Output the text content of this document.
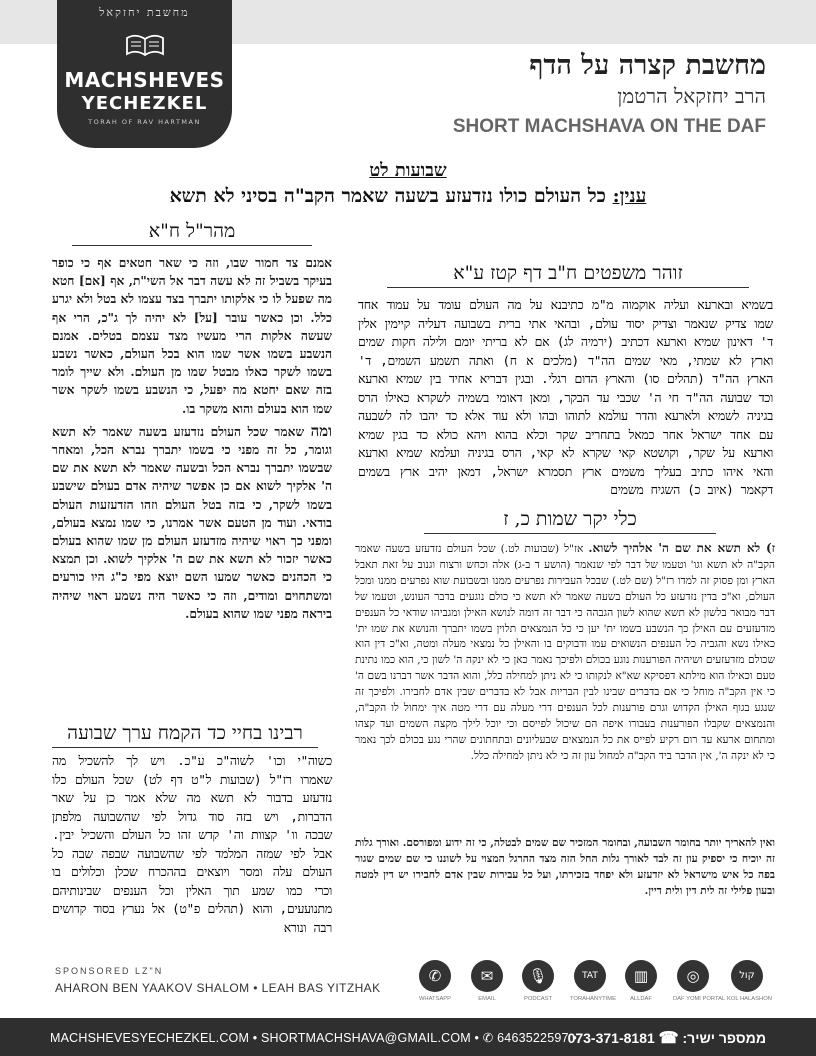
מחשבת יחזקאל
MACHSHEVES
YECHEZKEL
TORAH OF RAV HARTMAN
מחשבת קצרה על הדף
הרב יחזקאל הרטמן
SHORT MACHSHAVA ON THE DAF
שבועות לט
ענין: כל העולם כולו נזדעזע בשעה שאמר הקב"ה בסיני לא תשא
מהר"ל ח"א

אמנם צד חמור שבו, וזה כי שאר חטאים אף כי כופר בעיקר בשביל זה לא עשה דבר אל השי"ת, אף [אם] חטא מה שפעל לו כי אלקותו יתברך בצד עצמו לא בטל ולא יגרע כלל. וכן כאשר עובר [על] לא יהיה לך ג"כ, הרי אף שעשה אלקות הרי מעשיו מצד עצמם בטלים. אמנם הנשבע בשמו אשר שמו הוא בכל העולם, כאשר נשבע בשמו לשקר כאלו מבטל שמו מן העולם. ולא שייך לומר בזה שאם יחטא מה יפעל, כי הנשבע בשמו לשקר אשר שמו הוא בעולם והוא משקר בו.

ומה שאמר שכל העולם נזדעזע בשעה שאמר לא תשא וגומר, כל זה מפני כי בשמו יתברך נברא הכל, ומאחר שבשמו יתברך נברא הכל ובשעה שאמר לא תשא את שם ה' אלקיך לשוא אם כן אפשר שיהיה אדם בעולם שישבע בשמו לשקר, כי בזה בטל העולם וזהו הזדעזעות העולם בודאי. ועוד מן הטעם אשר אמרנו, כי שמו נמצא בעולם, ומפני כך ראוי שיהיה מזדעזע העולם מן שמו שהוא בעולם כאשר יזכור לא תשא את שם ה' אלקיך לשוא. וכן תמצא כי הכהנים כאשר שמעו השם יוצא מפי כ"ג היו כורעים ומשתחוים ומודים, וזה כי כאשר היה נשמע ראוי שיהיה ביראה מפני שמו שהוא בעולם.

רבינו בחיי כד הקמח ערך שבועה
כשוה"י וכו' לשוה"כ ע"כ. ויש לך להשכיל מה שאמרו רז"ל (שבועות ל"ט דף לט) שכל העולם כלו נזדעזע בדבור לא תשא מה שלא אמר כן על שאר הדברות, ויש בזה סוד גדול לפי שהשבועה מלפתן שבכה וו' קצוות וה' קדש זהו כל העולם והשכיל יבין. אבל לפי שמזה המלמד לפי שהשבועה שבפה שבה כל העולם עלה ומסר ויוצאים בההכרח שכלן וכלולים בו וכרי כמו שמע תוך האלין וכל הענפים שבינותיהם מתנועעים, והוא (תהלים פ"ט) אל נערץ בסוד קדושים רבה ונורא
זוהר משפטים ח"ב דף קטז ע"א
בשמיא ובארעא ועליה אוקמוה מ"מ כתיבנא על מה העולם עומד על עמוד אחד שמו צדיק שנאמר וצדיק יסוד עולם, ובהאי אתי ברית בשבועה דעליה קיימין אלין ד' דאינון שמיא וארעא דכתיב (ירמיה לג) אם לא בריתי יומם ולילה חקות שמים וארץ לא שמתי, מאי שמים הה"ד (מלכים א ח) ואתה תשמע השמים, ד' הארץ הה"ד (תהלים סו) והארץ הדום רגלי. ובגין דבריא אחיד בין שמיא וארעא וכד שבועה הה"ד חי ה' שכבי עד הבקר, ומאן דאומי בשמיה לשקרא כאילו הרס בגיניה לשמיא ולארעא והדר עולמא לתוהו ובהו ולא עוד אלא כד יהבו לה לשבעה עם אחד ישראל אחר כמאל בתחריב שקר וכלא בהוא ויהא כולא כד בגין שמיא וארעא על שקר, וקושטא קאי שקרא לא קאי, הרס בגיניה ועלמא שמיא וארעא והאי איהו כתיב בעליך משמים ארץ תסמרא ישראל, דמאן יהיב ארץ בשמים דקאמר (איוב כ) השגיח משמים
כלי יקר שמות כ, ז
ז) לא תשא את שם ה' אלהיך לשוא. אז"ל (שבועות לט.) שכל העולם נזדעזע בשעה שאמר הקב"ה לא תשא וגו' וטעמו של דבר לפי שנאמר (הושע ד ב-ג) אלה וכחש ורצוח וגנוב על זאת תאבל הארץ ומן פסוק זה למדו רז"ל (שם לט.) שבכל העבירות נפרעים ממנו ובשבועת שוא נפרעים ממנו ומכל העולם, וא"כ בדין נזדעזע כל העולם בשעה שאמר לא תשא כי כולם נוגעים בדבר העונש, וטעמו של דבר מבואר בלשון לא תשא שהוא לשון הגבהה כי דבר זה דומה לנושא האילן ומגביהו שודאי כל הענפים מזדעזעים עם האילן כך הנשבע בשמו ית' יען כי כל הנמצאים תלוין בשמו יתברך והנושא את שמו ית' כאילו נשא והגביה כל הענפים הנשואים עמו ודבוקים בו והאילן כל נמצאי מעלה ומטה, וא"כ דין הוא שכולם מזדעזעים ושיהיה הפורענות נוגע בכולם ולפיכך נאמר כאן כי לא ינקה ה' לשון כי, הוא כמו נתינת טעם וכאילו הוא מילתא דפסיקא שא"א לנקותו כי לא ניתן למחילה כלל, והוא הדבר אשר דברנו בשם ה' כי אין הקב"ה מוחל כי אם בדברים שבינו לבין הבריות אבל לא בדברים שבין אדם לחבירו. ולפיכך זה שנגע בגוף האילן הקדוש וגרם פורענות לכל הענפים דרי מעלה עם דרי מטה איך ימחול לו הקב"ה, והנמצאים שקבלו הפורענות בעבורו איפה הם שיכול לפייסם וכי יוכל לילך מקצה השמים ועד קצהו ומתחום ארעא עד רום רקיע לפייס את כל הנמצאים שבעליונים ובתחתונים שהרי נגע בכולם לכך נאמר כי לא ינקה ה', אין הדבר ביד הקב"ה למחול עון זה כי לא ניתן למחילה כלל.
ואין להאריך יותר בחומר השבועה, ובחומר המזכיר שם שמים לבטלה, כי זה ידוע ומפורסם. ואורך גלות זה יוכיח כי יספיק עון זה לבד לאורך גלות החל הזה מצד ההרגל המצוי על לשוננו כי שם שמים שגור בפה כל איש מישראל לא יזדעזע ולא יפחד בזכירתו, ועל כל עבירות שבין אדם לחבירו יש דין למטה ובעון פלילי זה לית דין ולית דיין.
SPONSORED LZ"N
AHARON BEN YAAKOV SHALOM • LEAH BAS YITZHAK
✆
WHATSAPP
✉
EMAIL
🎙
PODCAST
TAT
TORAHANYTIME
▥
ALLDAF
◎
DAF YOMI PORTAL
קול
KOL HALASHON
MACHSHEVESYECHEZKEL.COM • SHORTMACHSHAVA@GMAIL.COM • ✆ 6463522597 •	ממספר ישיר: ☎ 073-371-8181
